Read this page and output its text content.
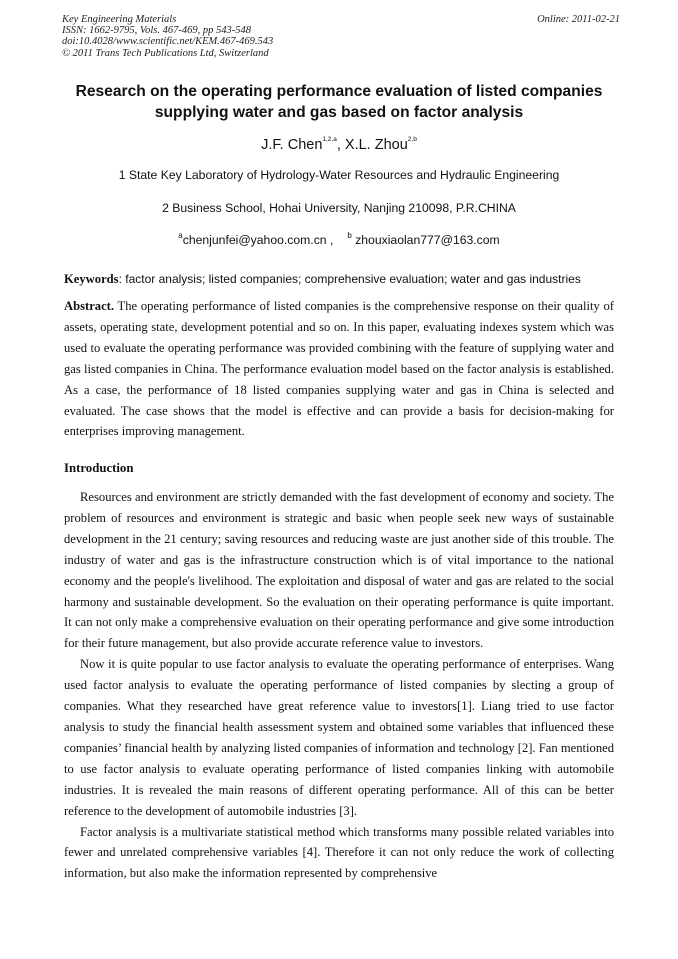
Key Engineering Materials
ISSN: 1662-9795, Vols. 467-469, pp 543-548
doi:10.4028/www.scientific.net/KEM.467-469.543
© 2011 Trans Tech Publications Ltd, Switzerland
Online: 2011-02-21
Research on the operating performance evaluation of listed companies
supplying water and gas based on factor analysis
J.F. Chen$^{1,2,a}$, X.L. Zhou$^{2,b}$
1 State Key Laboratory of Hydrology-Water Resources and Hydraulic Engineering
2 Business School, Hohai University, Nanjing 210098, P.R.CHINA
$^a$chenjunfei@yahoo.com.cn , $^b$ zhouxiaolan777@163.com
Keywords: factor analysis; listed companies; comprehensive evaluation; water and gas industries
Abstract. The operating performance of listed companies is the comprehensive response on their quality of assets, operating state, development potential and so on. In this paper, evaluating indexes system which was used to evaluate the operating performance was provided combining with the feature of supplying water and gas listed companies in China. The performance evaluation model based on the factor analysis is established. As a case, the performance of 18 listed companies supplying water and gas in China is selected and evaluated. The case shows that the model is effective and can provide a basis for decision-making for enterprises improving management.
Introduction

Resources and environment are strictly demanded with the fast development of economy and society. The problem of resources and environment is strategic and basic when people seek new ways of sustainable development in the 21 century; saving resources and reducing waste are just another side of this trouble. The industry of water and gas is the infrastructure construction which is of vital importance to the national economy and the people's livelihood. The exploitation and disposal of water and gas are related to the social harmony and sustainable development. So the evaluation on their operating performance is quite important. It can not only make a comprehensive evaluation on their operating performance and give some introduction for their future management, but also provide accurate reference value to investors.

Now it is quite popular to use factor analysis to evaluate the operating performance of enterprises. Wang used factor analysis to evaluate the operating performance of listed companies by slecting a group of companies. What they researched have great reference value to investors[1]. Liang tried to use factor analysis to study the financial health assessment system and obtained some variables that influenced these companies’ financial health by analyzing listed companies of information and technology [2]. Fan mentioned to use factor analysis to evaluate operating performance of listed companies linking with automobile industries. It is revealed the main reasons of different operating performance. All of this can be better reference to the development of automobile industries [3].

Factor analysis is a multivariate statistical method which transforms many possible related variables into fewer and unrelated comprehensive variables [4]. Therefore it can not only reduce the work of collecting information, but also make the information represented by comprehensive
